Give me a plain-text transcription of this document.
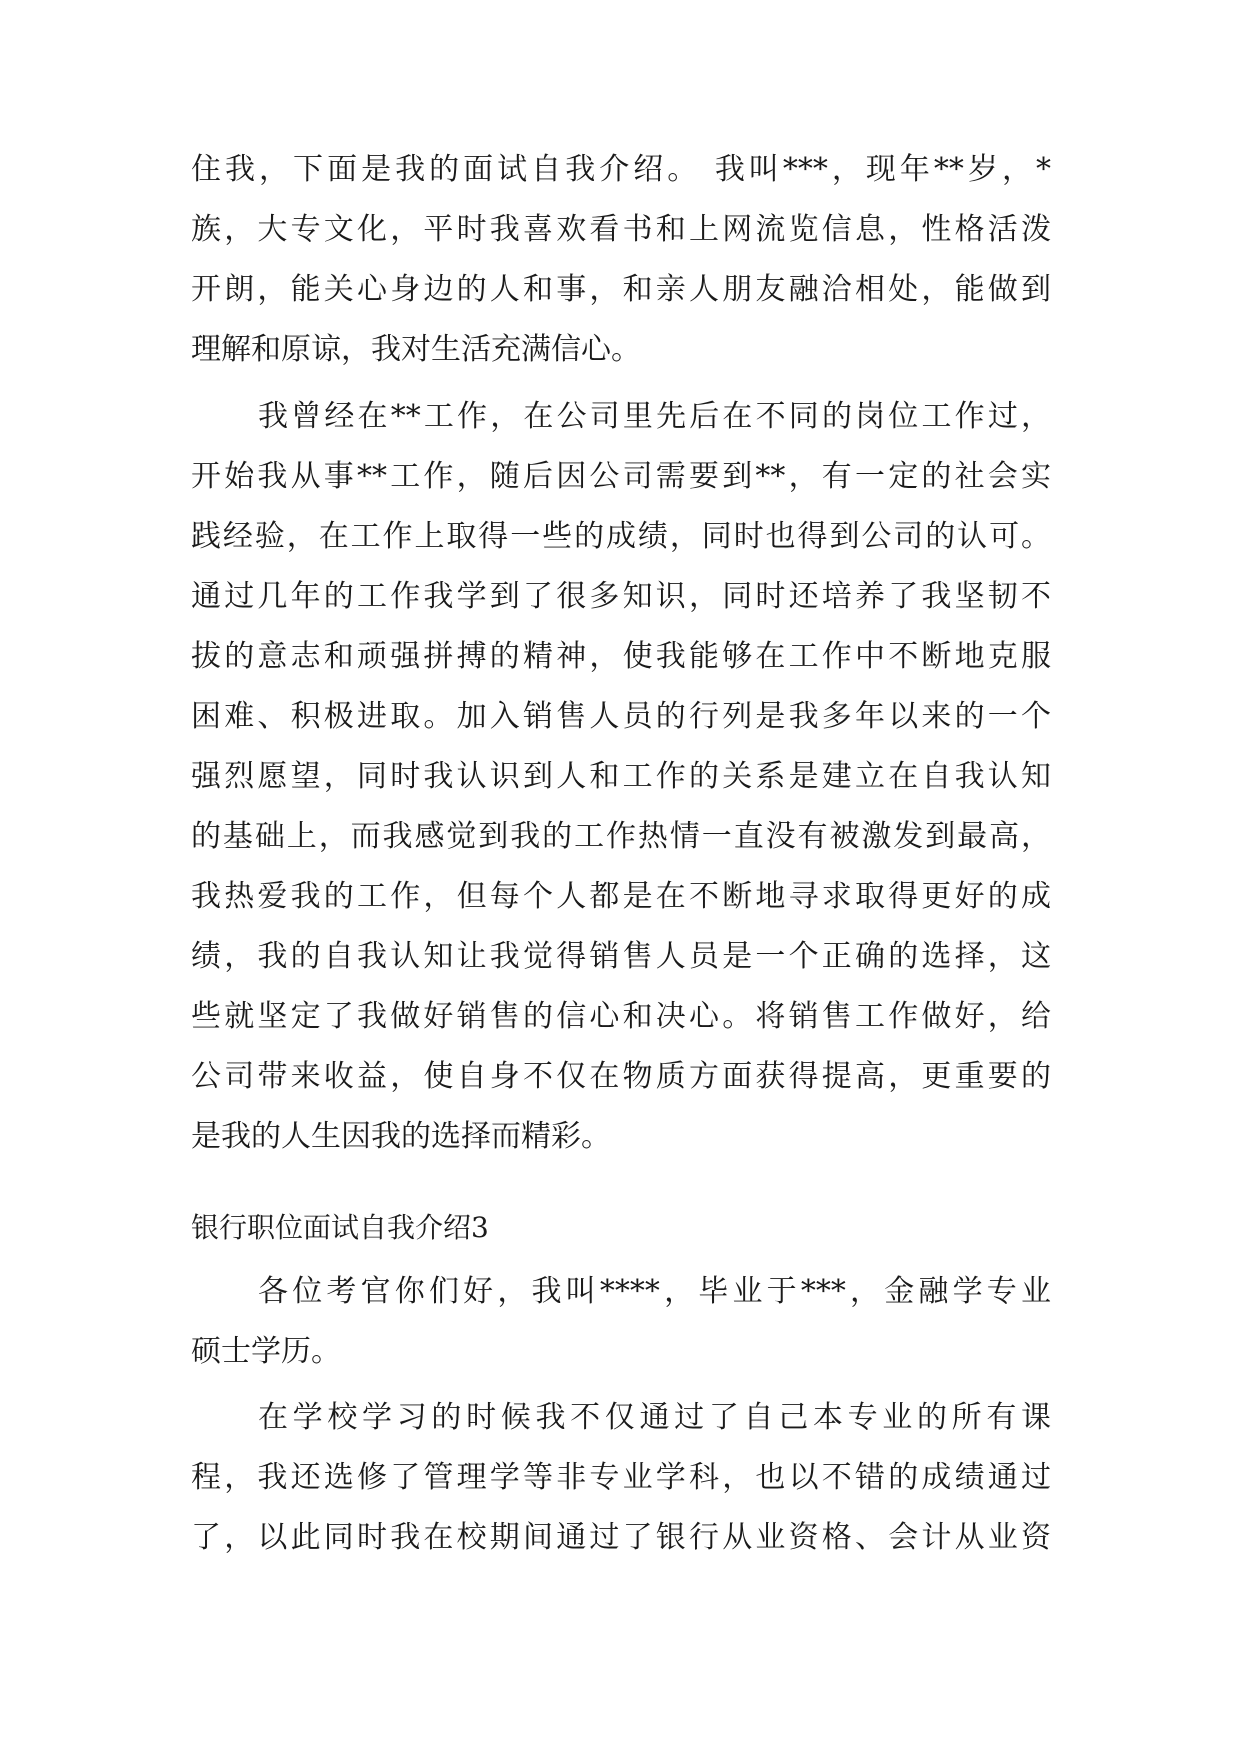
住我，下面是我的面试自我介绍。 我叫***，现年**岁，*
族，大专文化，平时我喜欢看书和上网流览信息，性格活泼
开朗，能关心身边的人和事，和亲人朋友融洽相处，能做到
理解和原谅，我对生活充满信心。
我曾经在**工作，在公司里先后在不同的岗位工作过，
开始我从事**工作，随后因公司需要到**，有一定的社会实
践经验，在工作上取得一些的成绩，同时也得到公司的认可。
通过几年的工作我学到了很多知识，同时还培养了我坚韧不
拔的意志和顽强拼搏的精神，使我能够在工作中不断地克服
困难、积极进取。加入销售人员的行列是我多年以来的一个
强烈愿望，同时我认识到人和工作的关系是建立在自我认知
的基础上，而我感觉到我的工作热情一直没有被激发到最高，
我热爱我的工作，但每个人都是在不断地寻求取得更好的成
绩，我的自我认知让我觉得销售人员是一个正确的选择，这
些就坚定了我做好销售的信心和决心。将销售工作做好，给
公司带来收益，使自身不仅在物质方面获得提高，更重要的
是我的人生因我的选择而精彩。
银行职位面试自我介绍3
各位考官你们好，我叫****，毕业于***，金融学专业
硕士学历。
在学校学习的时候我不仅通过了自己本专业的所有课
程，我还选修了管理学等非专业学科，也以不错的成绩通过
了，以此同时我在校期间通过了银行从业资格、会计从业资
